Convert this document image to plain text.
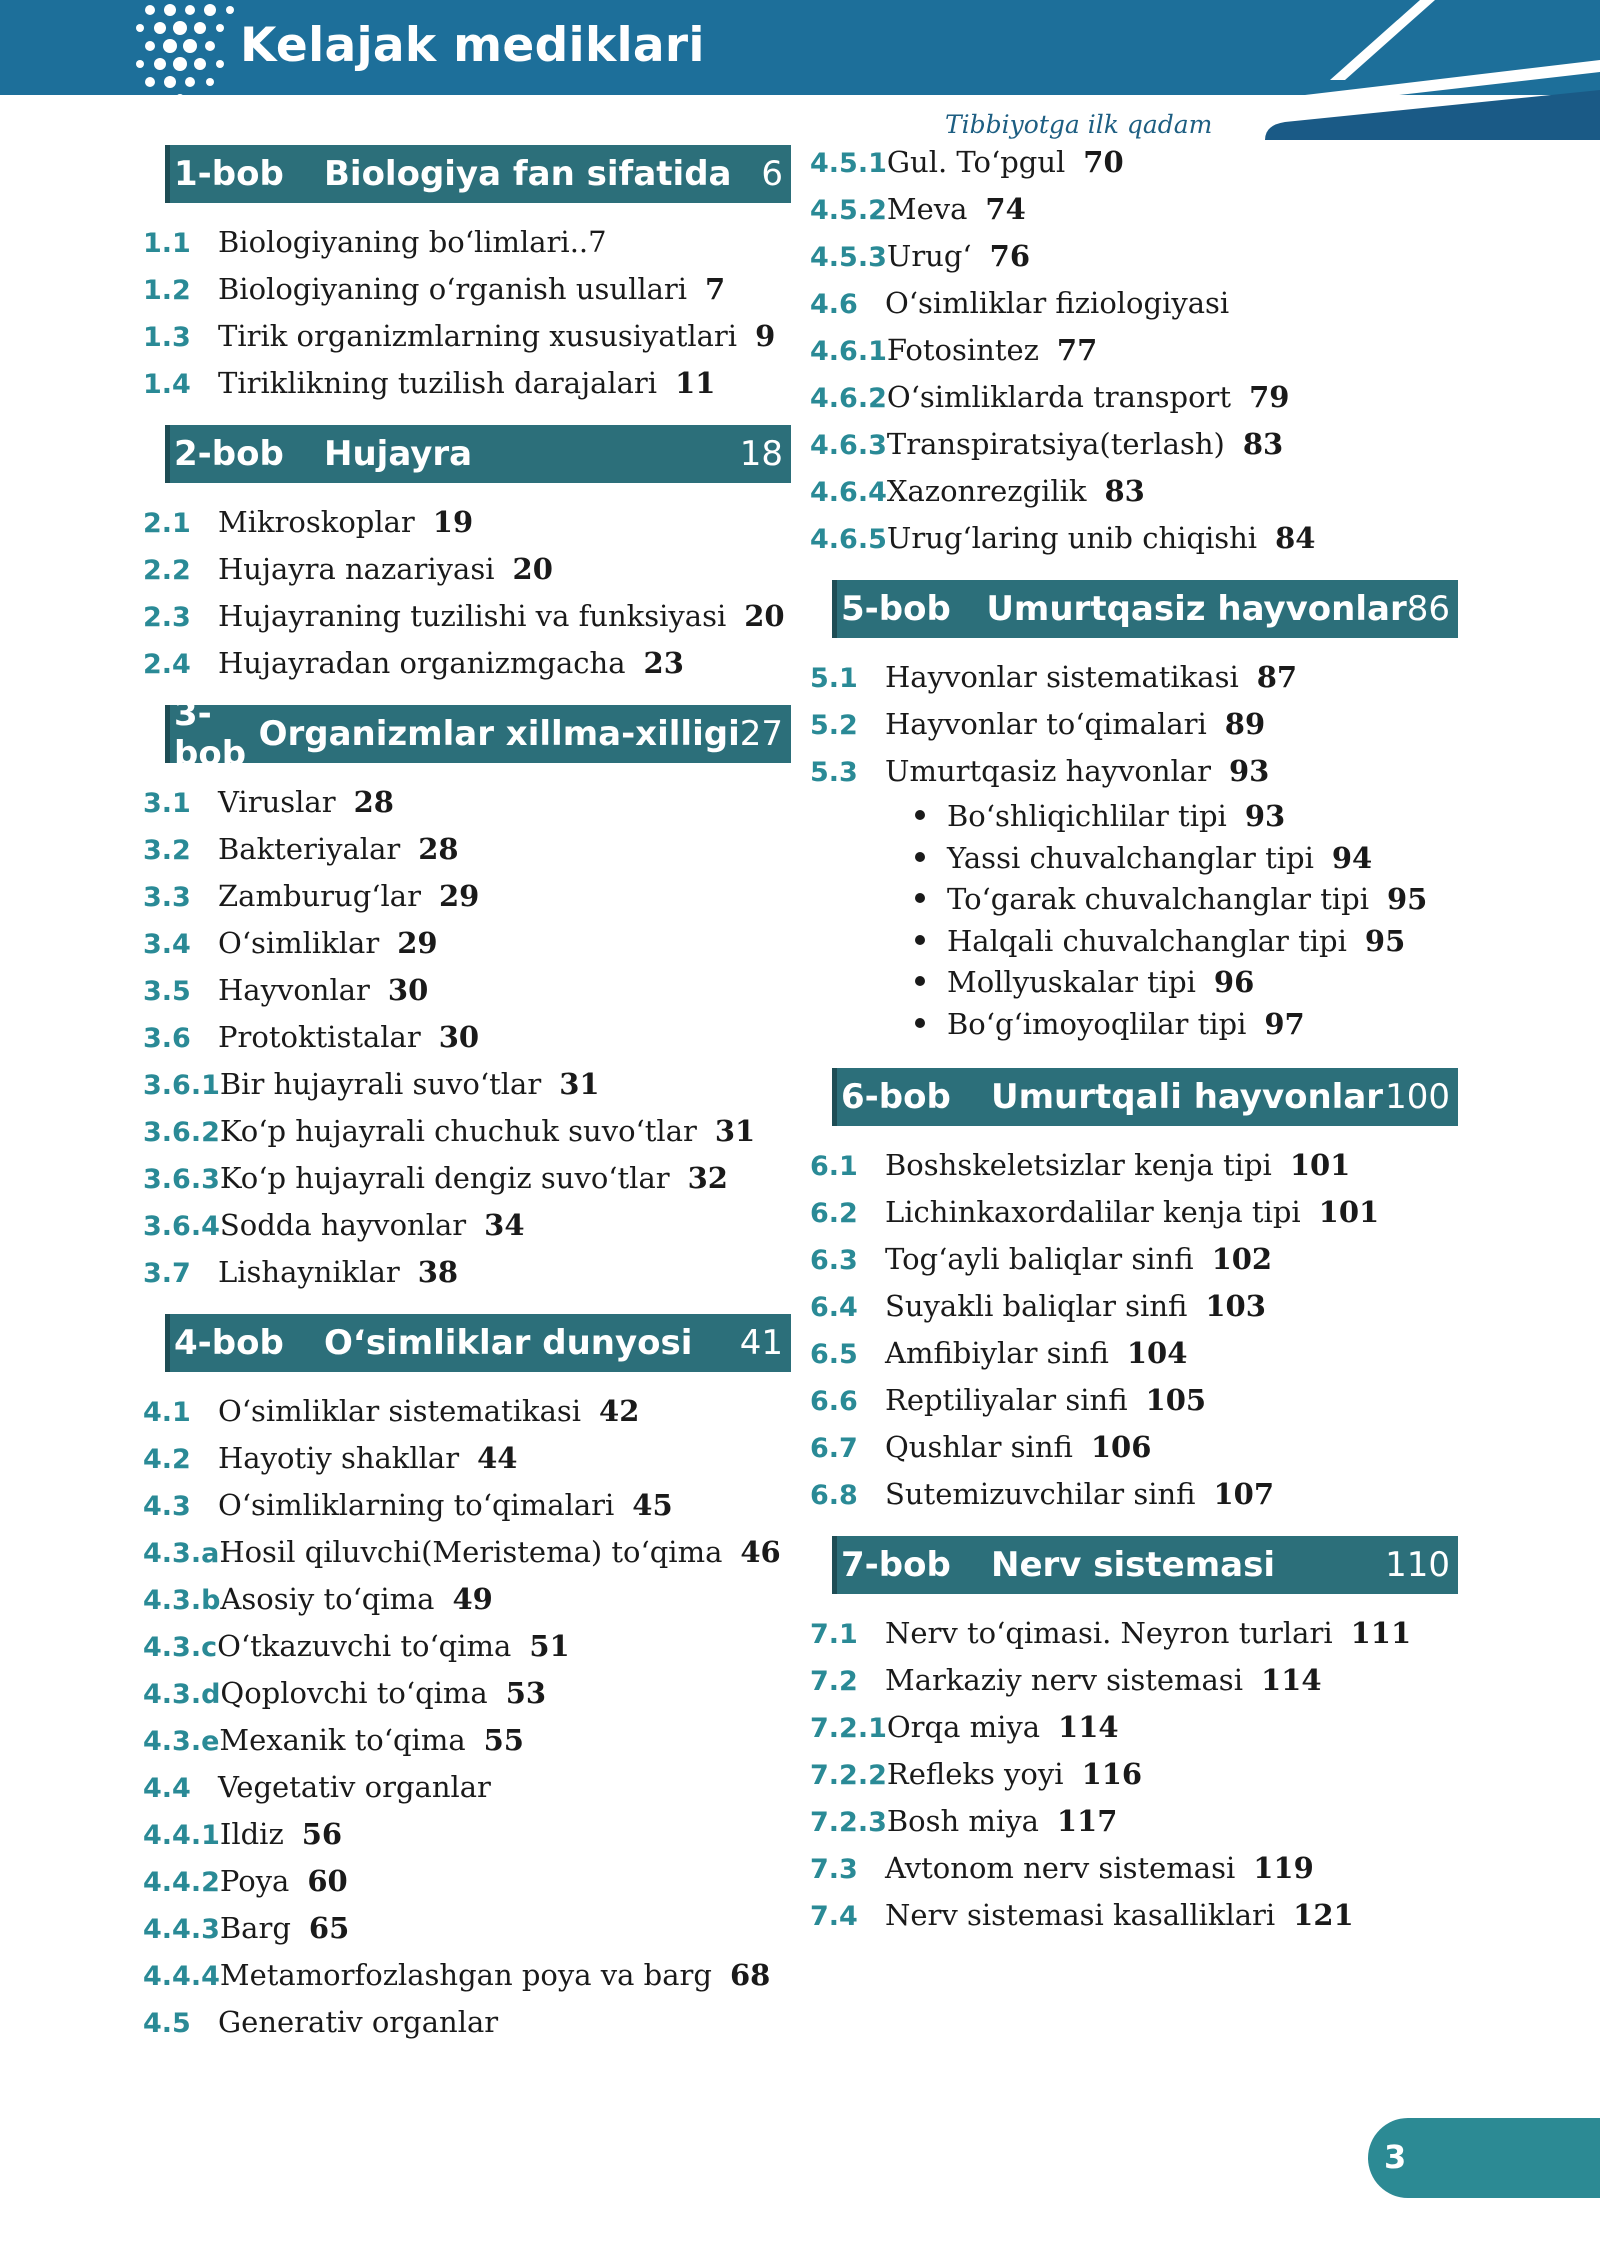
Kelajak mediklari
Tibbiyotga ilk qadam
1-bob	Biologiya fan sifatida 6
1.1 Biologiyaning bo‘limlari..7
1.2 Biologiyaning o‘rganish usullari 7
1.3 Tirik organizmlarning xususiyatlari 9
1.4 Tiriklikning tuzilish darajalari 11
2-bob	Hujayra	18
2.1 Mikroskoplar 19
2.2 Hujayra nazariyasi 20
2.3 Hujayraning tuzilishi va funksiyasi 20
2.4 Hujayradan organizmgacha 23
3-bob Organizmlar xillma-xilligi 27
3.1 Viruslar 28
3.2 Bakteriyalar 28
3.3 Zamburug‘lar 29
3.4 O‘simliklar 29
3.5 Hayvonlar 30
3.6 Protoktistalar 30
3.6.1 Bir hujayrali suvo‘tlar 31
3.6.2 Ko‘p hujayrali chuchuk suvo‘tlar 31
3.6.3 Ko‘p hujayrali dengiz suvo‘tlar 32
3.6.4 Sodda hayvonlar 34
3.7 Lishayniklar 38
4-bob	O‘simliklar dunyosi	41
4.1 O‘simliklar sistematikasi 42
4.2 Hayotiy shakllar 44
4.3 O‘simliklarning to‘qimalari 45
4.3.a Hosil qiluvchi(Meristema) to‘qima 46
4.3.b Asosiy to‘qima 49
4.3.c O‘tkazuvchi to‘qima 51
4.3.d Qoplovchi to‘qima 53
4.3.e Mexanik to‘qima 55
4.4 Vegetativ organlar
4.4.1 Ildiz 56
4.4.2 Poya 60
4.4.3 Barg 65
4.4.4 Metamorfozlashgan poya va barg 68
4.5 Generativ organlar
4.5.1 Gul. To‘pgul 70
4.5.2 Meva 74
4.5.3 Urug‘ 76
4.6 O‘simliklar fiziologiyasi
4.6.1 Fotosintez 77
4.6.2 O‘simliklarda transport 79
4.6.3 Transpiratsiya(terlash) 83
4.6.4 Xazonrezgilik 83
4.6.5 Urug‘laring unib chiqishi 84
5-bob	Umurtqasiz hayvonlar 86
5.1 Hayvonlar sistematikasi 87
5.2 Hayvonlar to‘qimalari 89
5.3 Umurtqasiz hayvonlar 93
Bo‘shliqichlilar tipi 93
Yassi chuvalchanglar tipi 94
To‘garak chuvalchanglar tipi 95
Halqali chuvalchanglar tipi 95
Mollyuskalar tipi 96
Bo‘g‘imoyoqlilar tipi 97
6-bob	Umurtqali hayvonlar 100
6.1 Boshskeletsizlar kenja tipi 101
6.2 Lichinkaxordalilar kenja tipi 101
6.3 Tog‘ayli baliqlar sinfi 102
6.4 Suyakli baliqlar sinfi 103
6.5 Amfibiylar sinfi 104
6.6 Reptiliyalar sinfi 105
6.7 Qushlar sinfi 106
6.8 Sutemizuvchilar sinfi 107
7-bob	Nerv sistemasi	110
7.1 Nerv to‘qimasi. Neyron turlari 111
7.2 Markaziy nerv sistemasi 114
7.2.1 Orqa miya 114
7.2.2 Refleks yoyi 116
7.2.3 Bosh miya 117
7.3 Avtonom nerv sistemasi 119
7.4 Nerv sistemasi kasalliklari 121
3
